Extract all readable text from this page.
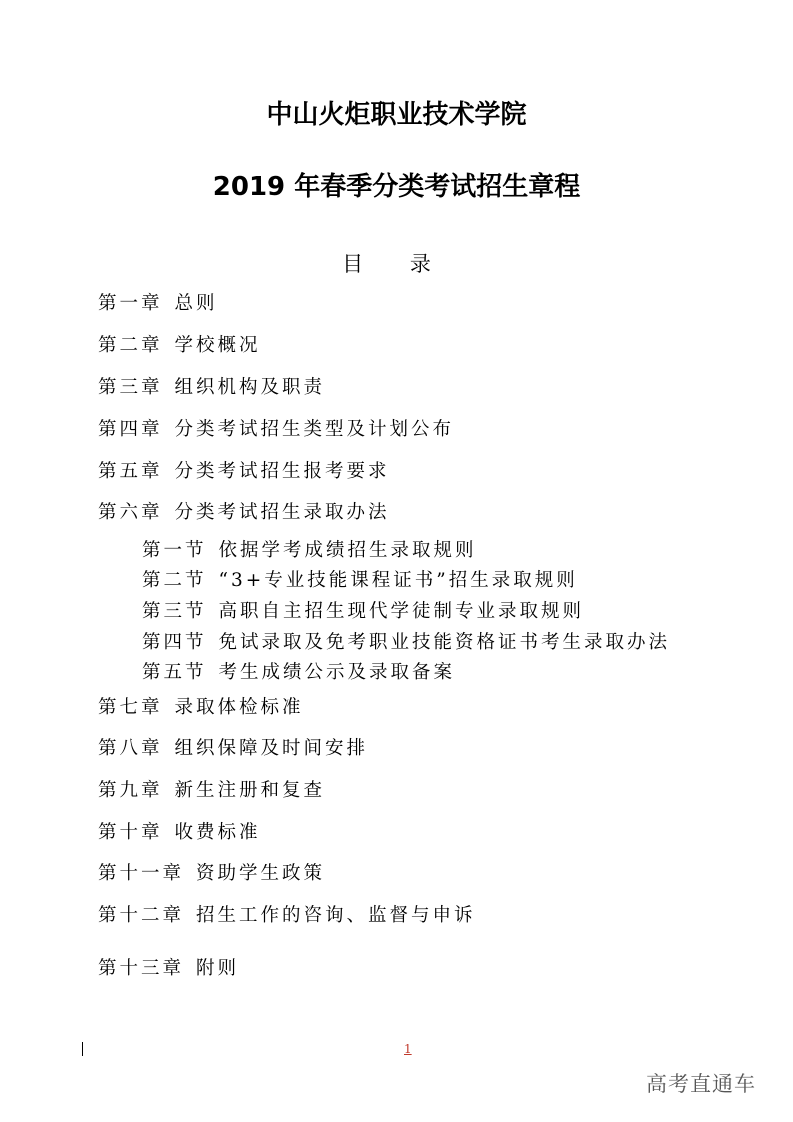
中山火炬职业技术学院
2019 年春季分类考试招生章程
目 录
第一章 总则
第二章 学校概况
第三章 组织机构及职责
第四章 分类考试招生类型及计划公布
第五章 分类考试招生报考要求
第六章 分类考试招生录取办法
第一节 依据学考成绩招生录取规则
第二节 “3+专业技能课程证书”招生录取规则
第三节 高职自主招生现代学徒制专业录取规则
第四节 免试录取及免考职业技能资格证书考生录取办法
第五节 考生成绩公示及录取备案
第七章 录取体检标准
第八章 组织保障及时间安排
第九章 新生注册和复查
第十章 收费标准
第十一章 资助学生政策
第十二章 招生工作的咨询、监督与申诉
第十三章 附则
1
高考直通车
